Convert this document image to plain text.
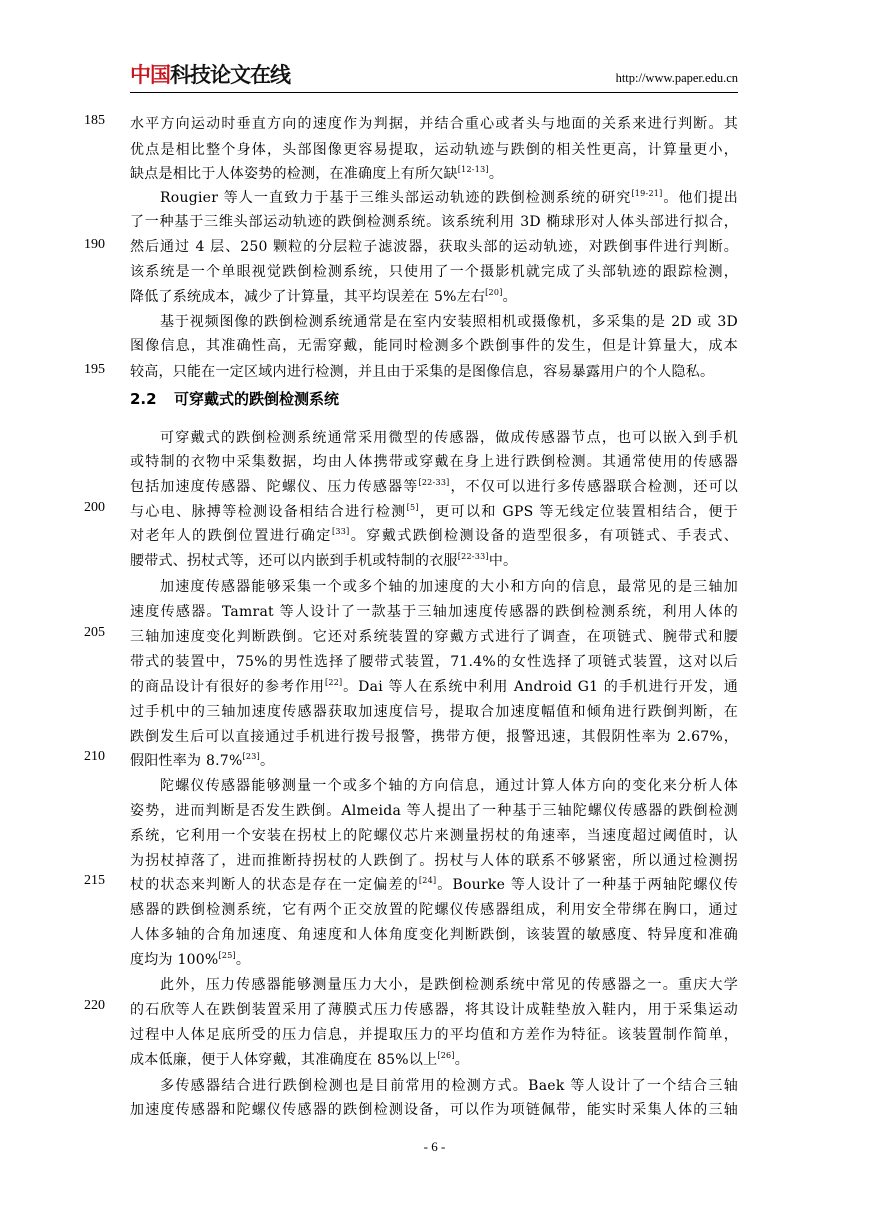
中国科技论文在线	http://www.paper.edu.cn
185
190
195
200
205
210
215
220
2.2 可穿戴式的跌倒检测系统
水平方向运动时垂直方向的速度作为判据，并结合重心或者头与地面的关系来进行判断。其
优点是相比整个身体，头部图像更容易提取，运动轨迹与跌倒的相关性更高，计算量更小，
缺点是相比于人体姿势的检测，在准确度上有所欠缺[12-13]。
Rougier 等人一直致力于基于三维头部运动轨迹的跌倒检测系统的研究[19-21]。他们提出
了一种基于三维头部运动轨迹的跌倒检测系统。该系统利用 3D 椭球形对人体头部进行拟合，
然后通过 4 层、250 颗粒的分层粒子滤波器，获取头部的运动轨迹，对跌倒事件进行判断。
该系统是一个单眼视觉跌倒检测系统，只使用了一个摄影机就完成了头部轨迹的跟踪检测，
降低了系统成本，减少了计算量，其平均误差在 5%左右[20]。
基于视频图像的跌倒检测系统通常是在室内安装照相机或摄像机，多采集的是 2D 或 3D
图像信息，其准确性高，无需穿戴，能同时检测多个跌倒事件的发生，但是计算量大，成本
较高，只能在一定区域内进行检测，并且由于采集的是图像信息，容易暴露用户的个人隐私。
可穿戴式的跌倒检测系统通常采用微型的传感器，做成传感器节点，也可以嵌入到手机
或特制的衣物中采集数据，均由人体携带或穿戴在身上进行跌倒检测。其通常使用的传感器
包括加速度传感器、陀螺仪、压力传感器等[22-33]，不仅可以进行多传感器联合检测，还可以
与心电、脉搏等检测设备相结合进行检测[5]，更可以和 GPS 等无线定位装置相结合，便于
对老年人的跌倒位置进行确定[33]。穿戴式跌倒检测设备的造型很多，有项链式、手表式、
腰带式、拐杖式等，还可以内嵌到手机或特制的衣服[22-33]中。
加速度传感器能够采集一个或多个轴的加速度的大小和方向的信息，最常见的是三轴加
速度传感器。Tamrat 等人设计了一款基于三轴加速度传感器的跌倒检测系统，利用人体的
三轴加速度变化判断跌倒。它还对系统装置的穿戴方式进行了调查，在项链式、腕带式和腰
带式的装置中，75%的男性选择了腰带式装置，71.4%的女性选择了项链式装置，这对以后
的商品设计有很好的参考作用[22]。Dai 等人在系统中利用 Android G1 的手机进行开发，通
过手机中的三轴加速度传感器获取加速度信号，提取合加速度幅值和倾角进行跌倒判断，在
跌倒发生后可以直接通过手机进行拨号报警，携带方便，报警迅速，其假阴性率为 2.67%，
假阳性率为 8.7%[23]。
陀螺仪传感器能够测量一个或多个轴的方向信息，通过计算人体方向的变化来分析人体
姿势，进而判断是否发生跌倒。Almeida 等人提出了一种基于三轴陀螺仪传感器的跌倒检测
系统，它利用一个安装在拐杖上的陀螺仪芯片来测量拐杖的角速率，当速度超过阈值时，认
为拐杖掉落了，进而推断持拐杖的人跌倒了。拐杖与人体的联系不够紧密，所以通过检测拐
杖的状态来判断人的状态是存在一定偏差的[24]。Bourke 等人设计了一种基于两轴陀螺仪传
感器的跌倒检测系统，它有两个正交放置的陀螺仪传感器组成，利用安全带绑在胸口，通过
人体多轴的合角加速度、角速度和人体角度变化判断跌倒，该装置的敏感度、特异度和准确
度均为 100%[25]。
此外，压力传感器能够测量压力大小，是跌倒检测系统中常见的传感器之一。重庆大学
的石欣等人在跌倒装置采用了薄膜式压力传感器，将其设计成鞋垫放入鞋内，用于采集运动
过程中人体足底所受的压力信息，并提取压力的平均值和方差作为特征。该装置制作简单，
成本低廉，便于人体穿戴，其准确度在 85%以上[26]。
多传感器结合进行跌倒检测也是目前常用的检测方式。Baek 等人设计了一个结合三轴
加速度传感器和陀螺仪传感器的跌倒检测设备，可以作为项链佩带，能实时采集人体的三轴
- 6 -
